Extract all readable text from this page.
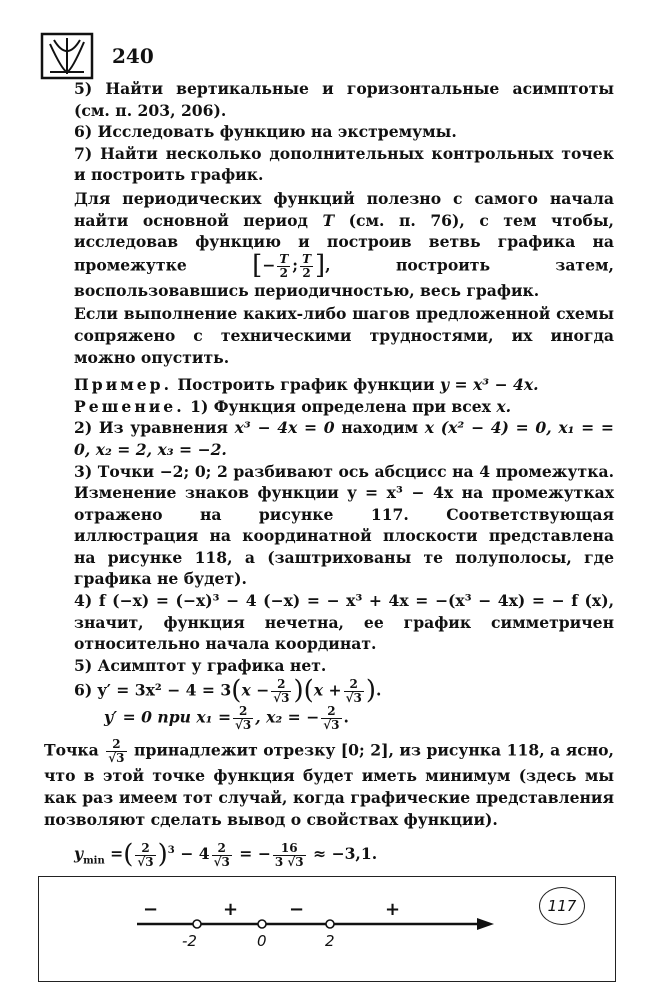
240

5) Найти вертикальные и горизонтальные асимптоты (см. п. 203, 206).

6) Исследовать функцию на экстремумы.

7) Найти несколько дополнительных контрольных точек и построить график.

Для периодических функций полезно с самого начала найти основной период T (см. п. 76), с тем чтобы, исследовав функцию и построив ветвь графика на промежутке	[− $\frac{T}{2}$ ; $\frac{T}{2}$ ], построить затем, воспользовавшись периодичностью, весь график.

Если выполнение каких-либо шагов предложенной схемы сопряжено с техническими трудностями, их иногда можно опустить.

Пример. Построить график функции y = x³ − 4x.

Решение. 1) Функция определена при всех x.

2) Из уравнения x³ − 4x = 0 находим x (x² − 4) = 0, x₁ = = 0, x₂ = 2, x₃ = −2.

3) Точки −2; 0; 2 разбивают ось абсцисс на 4 промежутка. Изменение знаков функции y = x³ − 4x на промежутках отражено на рисунке 117. Соответствующая иллюстрация на координатной плоскости представлена на рисунке 118, а (заштрихованы те полуполосы, где графика не будет).

4) f (−x) = (−x)³ − 4 (−x) = − x³ + 4x = −(x³ − 4x) = − f (x), значит, функция нечетна, ее график симметричен относительно начала координат.

5) Асимптот у графика нет.

6) $y' = 3x^2 - 4 = 3(x - \frac{2}{√3} )(x + \frac{2}{√3}$ ).

y′ = 0 при $x_1 = \frac{2}{√3}$ , x₂ = − $\frac{2}{√3}$ .

Точка $\frac{2}{√3}$ принадлежит отрезку [0; 2], из рисунка 118, а ясно, что в этой точке функция будет иметь минимум (здесь мы как раз имеем тот случай, когда графические представления позволяют сделать вывод о свойствах функции).

$y_{min}$ =( $\frac{2}{√3} )^3 - 4 \frac{2}{√3}$ = − $\frac{16}{3 √3} \approx -3,1$.

−	+	−	+
-2	0	2
117
